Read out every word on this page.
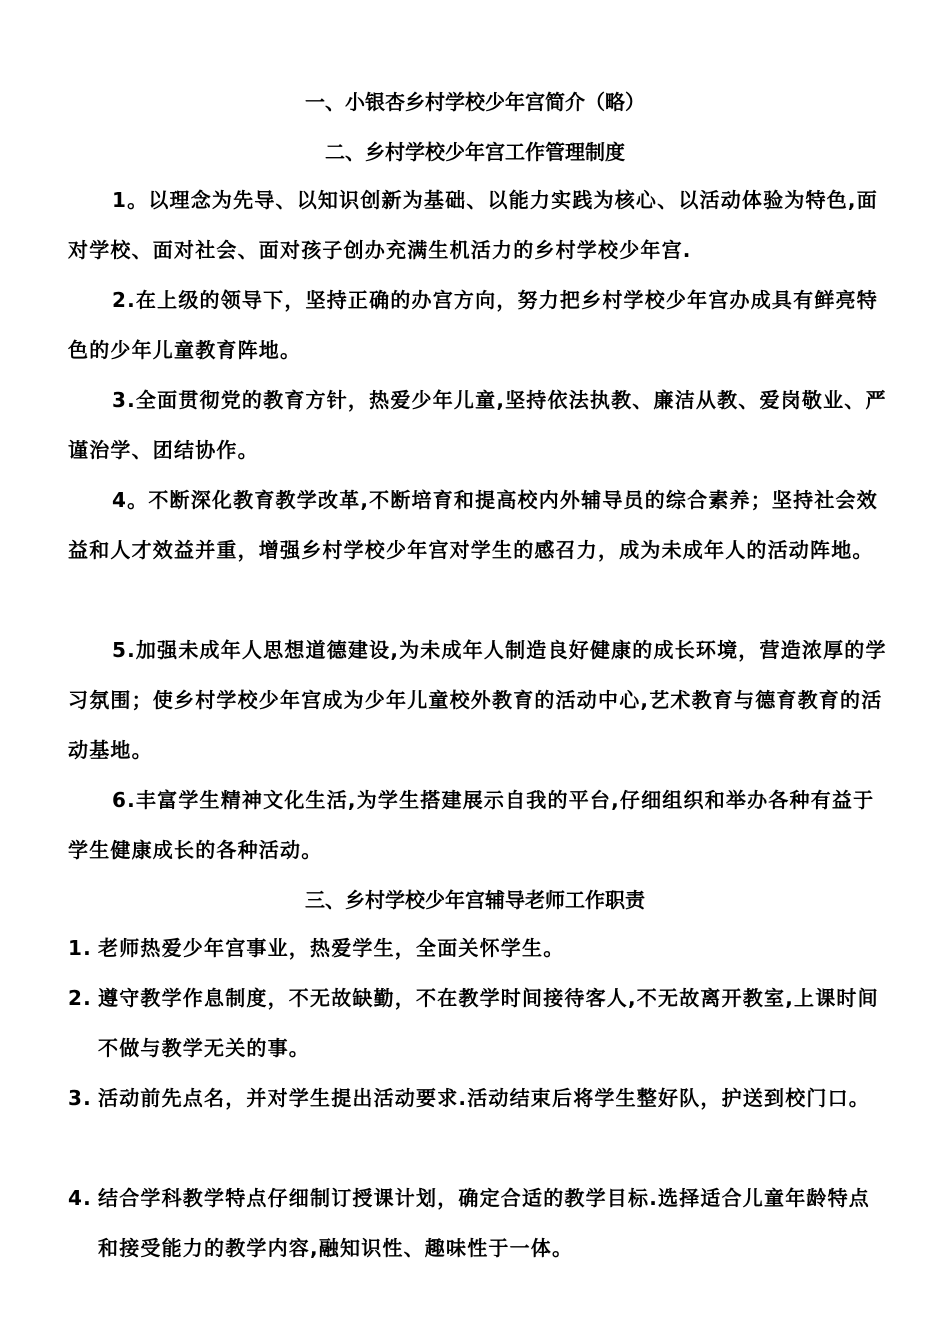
一、小银杏乡村学校少年宫简介（略）
二、乡村学校少年宫工作管理制度
1。以理念为先导、以知识创新为基础、以能力实践为核心、以活动体验为特色,面对学校、面对社会、面对孩子创办充满生机活力的乡村学校少年宫.
2.在上级的领导下，坚持正确的办宫方向，努力把乡村学校少年宫办成具有鲜亮特色的少年儿童教育阵地。
3.全面贯彻党的教育方针，热爱少年儿童,坚持依法执教、廉洁从教、爱岗敬业、严谨治学、团结协作。
4。不断深化教育教学改革,不断培育和提高校内外辅导员的综合素养；坚持社会效益和人才效益并重，增强乡村学校少年宫对学生的感召力，成为未成年人的活动阵地。
5.加强未成年人思想道德建设,为未成年人制造良好健康的成长环境，营造浓厚的学习氛围；使乡村学校少年宫成为少年儿童校外教育的活动中心,艺术教育与德育教育的活动基地。
6.丰富学生精神文化生活,为学生搭建展示自我的平台,仔细组织和举办各种有益于学生健康成长的各种活动。
三、乡村学校少年宫辅导老师工作职责
1. 老师热爱少年宫事业，热爱学生，全面关怀学生。
2. 遵守教学作息制度，不无故缺勤，不在教学时间接待客人,不无故离开教室,上课时间不做与教学无关的事。
3. 活动前先点名，并对学生提出活动要求.活动结束后将学生整好队，护送到校门口。
4. 结合学科教学特点仔细制订授课计划，确定合适的教学目标.选择适合儿童年龄特点和接受能力的教学内容,融知识性、趣味性于一体。
